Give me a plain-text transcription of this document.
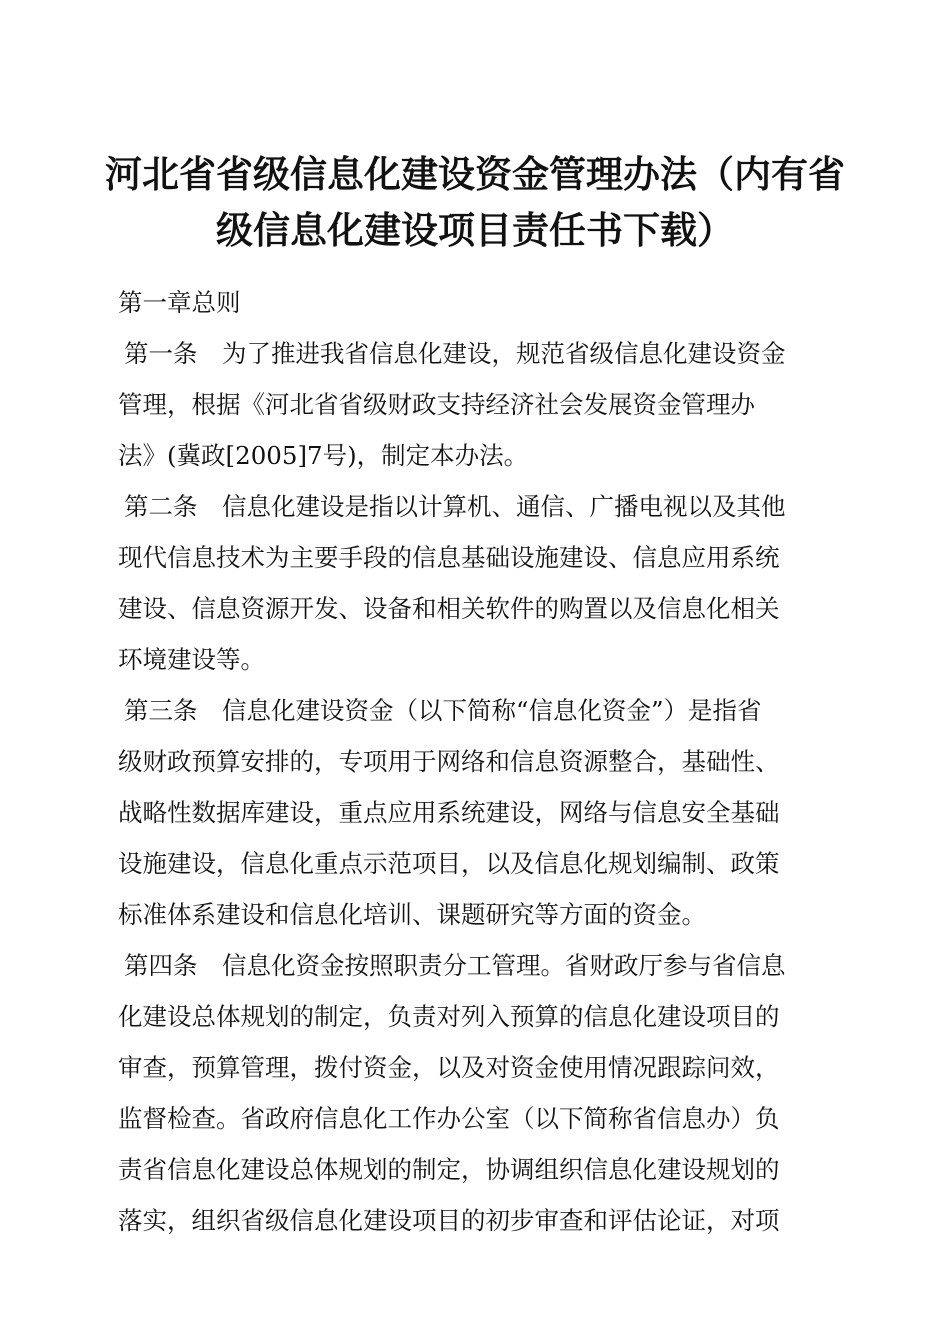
河北省省级信息化建设资金管理办法（内有省
级信息化建设项目责任书下载）
第一章总则
第一条　为了推进我省信息化建设，规范省级信息化建设资金
管理，根据《河北省省级财政支持经济社会发展资金管理办
法》(冀政[2005]7号)，制定本办法。
第二条　信息化建设是指以计算机、通信、广播电视以及其他
现代信息技术为主要手段的信息基础设施建设、信息应用系统
建设、信息资源开发、设备和相关软件的购置以及信息化相关
环境建设等。
第三条　信息化建设资金（以下简称“信息化资金”）是指省
级财政预算安排的，专项用于网络和信息资源整合，基础性、
战略性数据库建设，重点应用系统建设，网络与信息安全基础
设施建设，信息化重点示范项目，以及信息化规划编制、政策
标准体系建设和信息化培训、课题研究等方面的资金。
第四条　信息化资金按照职责分工管理。省财政厅参与省信息
化建设总体规划的制定，负责对列入预算的信息化建设项目的
审查，预算管理，拨付资金，以及对资金使用情况跟踪问效，
监督检查。省政府信息化工作办公室（以下简称省信息办）负
责省信息化建设总体规划的制定，协调组织信息化建设规划的
落实，组织省级信息化建设项目的初步审查和评估论证，对项
